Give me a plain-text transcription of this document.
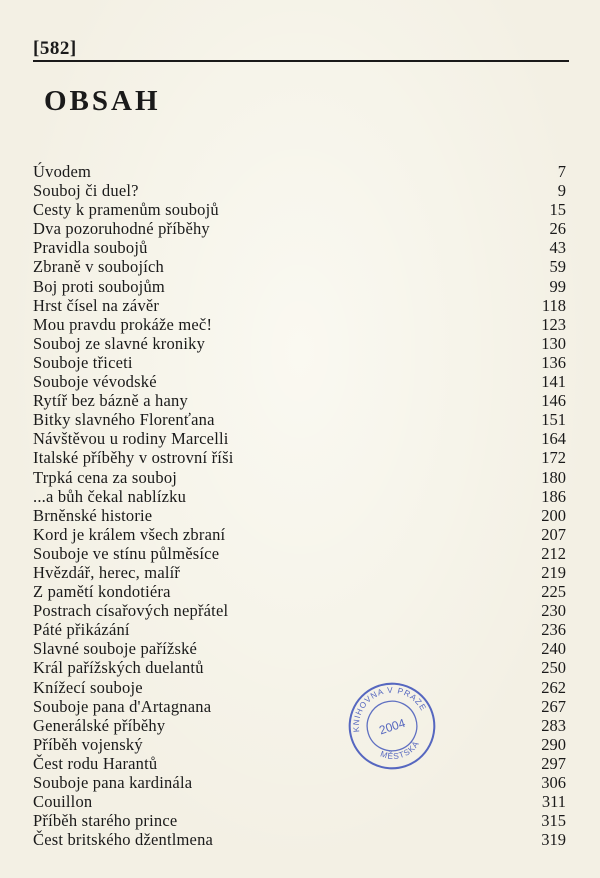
[582]
OBSAH
Úvodem	7
Souboj či duel?	9
Cesty k pramenům soubojů	15
Dva pozoruhodné příběhy	26
Pravidla soubojů	43
Zbraně v soubojích	59
Boj proti soubojům	99
Hrst čísel na závěr	118
Mou pravdu prokáže meč!	123
Souboj ze slavné kroniky	130
Souboje třiceti	136
Souboje vévodské	141
Rytíř bez bázně a hany	146
Bitky slavného Florenťana	151
Návštěvou u rodiny Marcelli	164
Italské příběhy v ostrovní říši	172
Trpká cena za souboj	180
...a bůh čekal nablízku	186
Brněnské historie	200
Kord je králem všech zbraní	207
Souboje ve stínu půlměsíce	212
Hvězdář, herec, malíř	219
Z pamětí kondotiéra	225
Postrach císařových nepřátel	230
Páté přikázání	236
Slavné souboje pařížské	240
Král pařížských duelantů	250
Knížecí souboje	262
Souboje pana d'Artagnana	267
Generálské příběhy	283
Příběh vojenský	290
Čest rodu Harantů	297
Souboje pana kardinála	306
Couillon	311
Příběh starého prince	315
Čest britského džentlmena	319
KNIHOVNA V PRAZE
MĚSTSKÁ
2004
